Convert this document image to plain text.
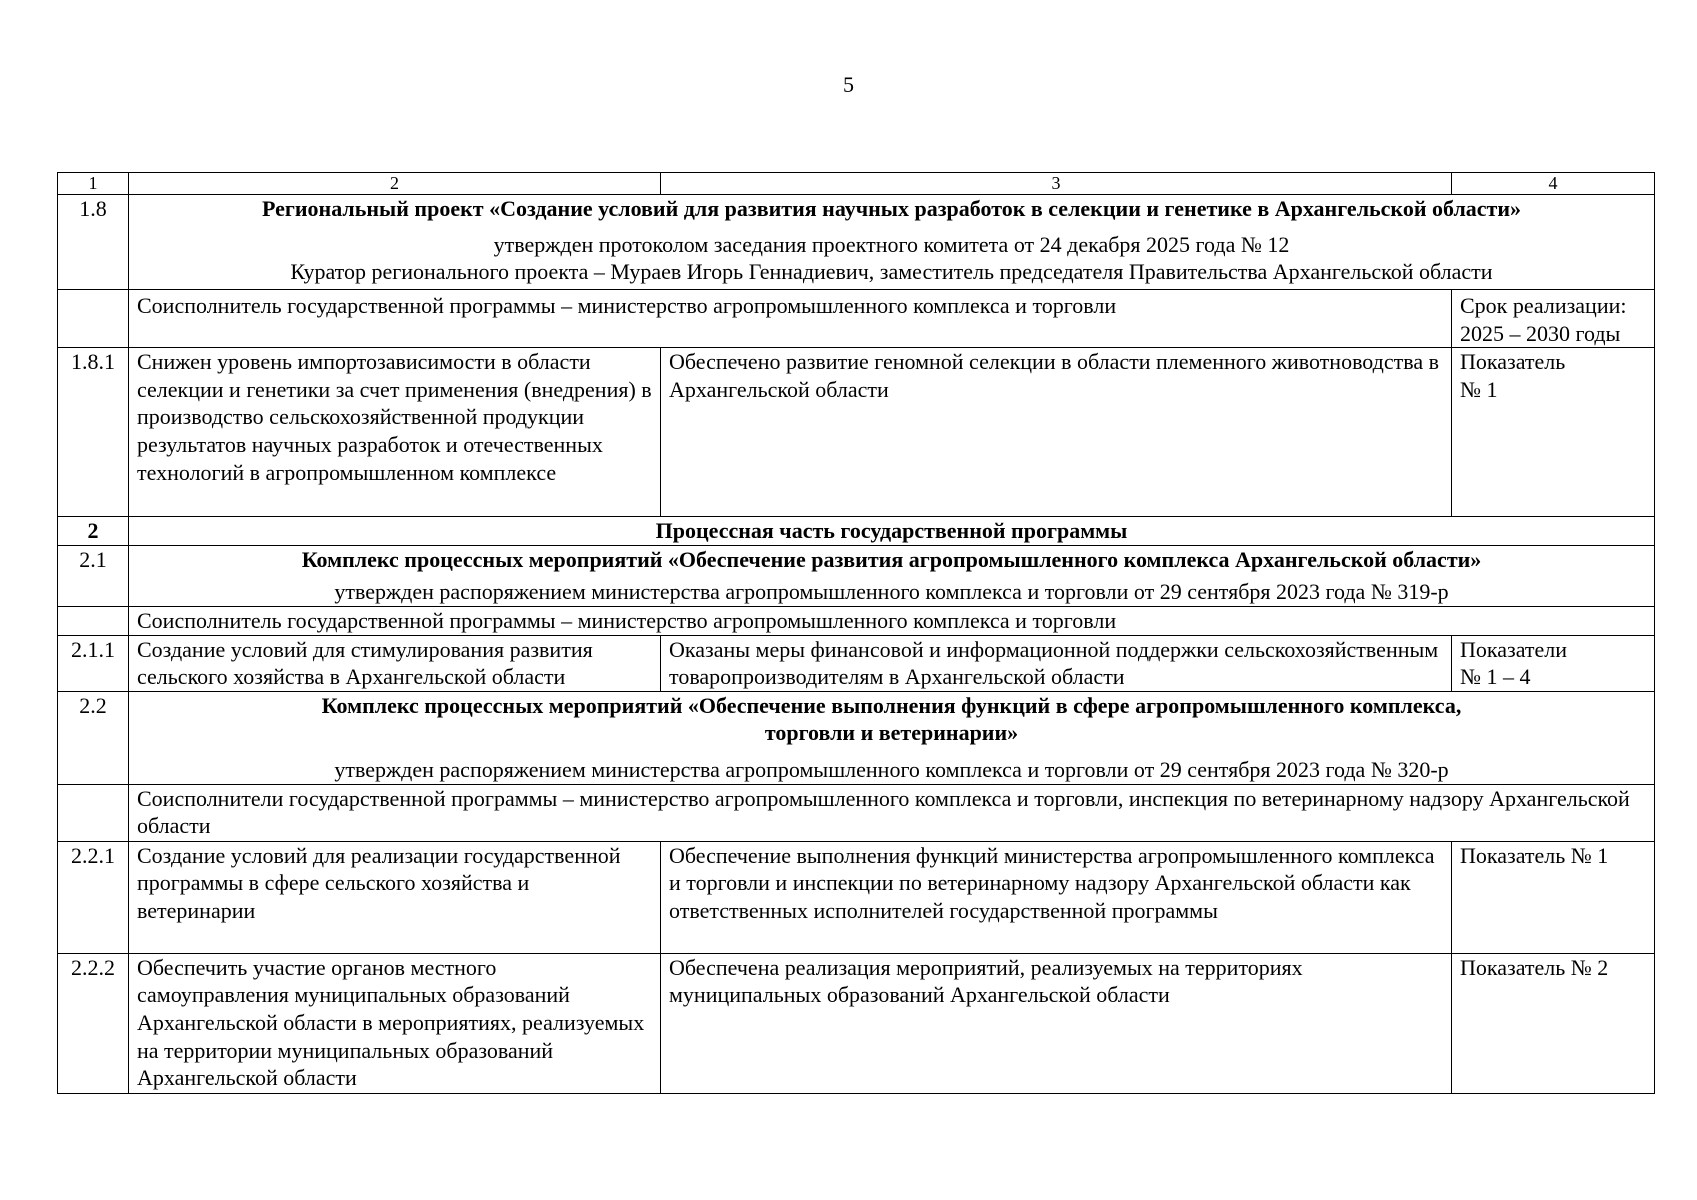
5
1	2	3	4
1.8	Региональный проект «Создание условий для развития научных разработок в селекции и генетике в Архангельской области»
утвержден протоколом заседания проектного комитета от 24 декабря 2025 года № 12
Куратор регионального проекта – Мураев Игорь Геннадиевич, заместитель председателя Правительства Архангельской области		

	Соисполнитель государственной программы – министерство агропромышленного комплекса и торговли		Срок реализации:
2025 – 2030 годы

1.8.1	Снижен уровень импортозависимости в области селекции и генетики за счет применения (внедрения) в производство сельскохозяйственной продукции результатов научных разработок и отечественных технологий в агропромышленном комплексе	Обеспечено развитие геномной селекции в области племенного животноводства в Архангельской области	Показатель
№ 1

2	Процессная часть государственной программы		
2.1	Комплекс процессных мероприятий «Обеспечение развития агропромышленного комплекса Архангельской области»
утвержден распоряжением министерства агропромышленного комплекса и торговли от 29 сентября 2023 года № 319-р		

	Соисполнитель государственной программы – министерство агропромышленного комплекса и торговли		
2.1.1	Создание условий для стимулирования развития сельского хозяйства в Архангельской области	Оказаны меры финансовой и информационной поддержки сельскохозяйственным товаропроизводителям в Архангельской области	Показатели
№ 1 – 4

2.2	Комплекс процессных мероприятий «Обеспечение выполнения функций в сфере агропромышленного комплекса,
торговли и ветеринарии»
утвержден распоряжением министерства агропромышленного комплекса и торговли от 29 сентября 2023 года № 320-р		

	Соисполнители государственной программы – министерство агропромышленного комплекса и торговли, инспекция по ветеринарному надзору Архангельской области		
2.2.1	Создание условий для реализации государственной программы в сфере сельского хозяйства и ветеринарии	Обеспечение выполнения функций министерства агропромышленного комплекса и торговли и инспекции по ветеринарному надзору Архангельской области как ответственных исполнителей государственной программы	Показатель № 1
2.2.2	Обеспечить участие органов местного самоуправления муниципальных образований Архангельской области в мероприятиях, реализуемых на территории муниципальных образований Архангельской области	Обеспечена реализация мероприятий, реализуемых на территориях муниципальных образований Архангельской области	Показатель № 2
